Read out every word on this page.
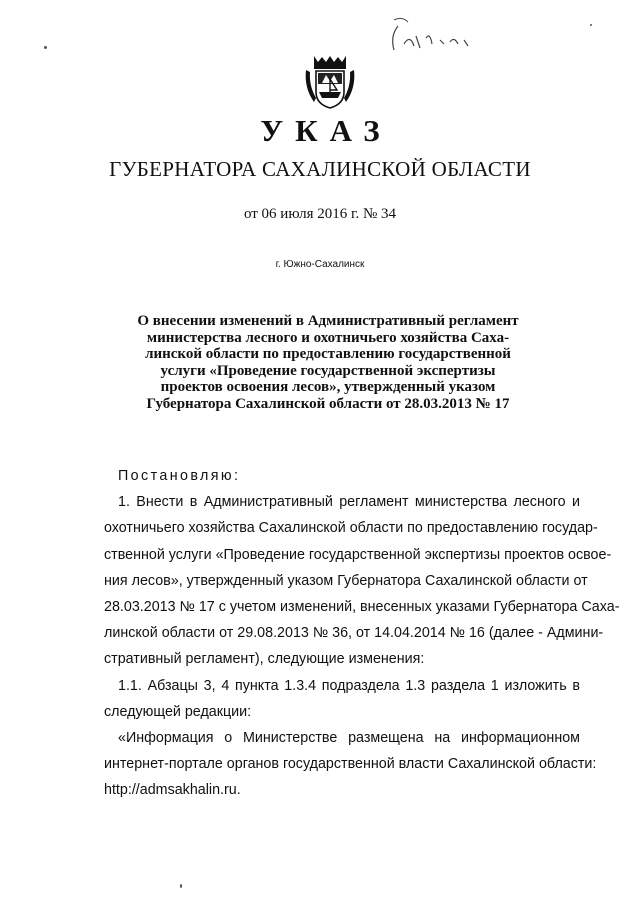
УКАЗ
ГУБЕРНАТОРА САХАЛИНСКОЙ ОБЛАСТИ
от 06 июля 2016 г. № 34
г. Южно-Сахалинск
О внесении изменений в Административный регламент
министерства лесного и охотничьего хозяйства Саха-
линской области по предоставлению государственной
услуги «Проведение государственной экспертизы
проектов освоения лесов», утвержденный указом
Губернатора Сахалинской области от 28.03.2013 № 17
Постановляю:
1. Внести в Административный регламент министерства лесного и
охотничьего хозяйства Сахалинской области по предоставлению госудаp-
ственной услуги «Проведение государственной экспертизы проектов освое-
ния лесов», утвержденный указом Губернатора Сахалинской области от
28.03.2013 № 17 с учетом изменений, внесенных указами Губернатора Саха-
линской области от 29.08.2013 № 36, от 14.04.2014 № 16 (далее - Админи-
стративный регламент), следующие изменения:
1.1. Абзацы 3, 4 пункта 1.3.4 подраздела 1.3 раздела 1 изложить в
следующей редакции:
«Информация о Министерстве размещена на информационном
интернет-портале органов государственной власти Сахалинской области:
http://admsakhalin.ru.
